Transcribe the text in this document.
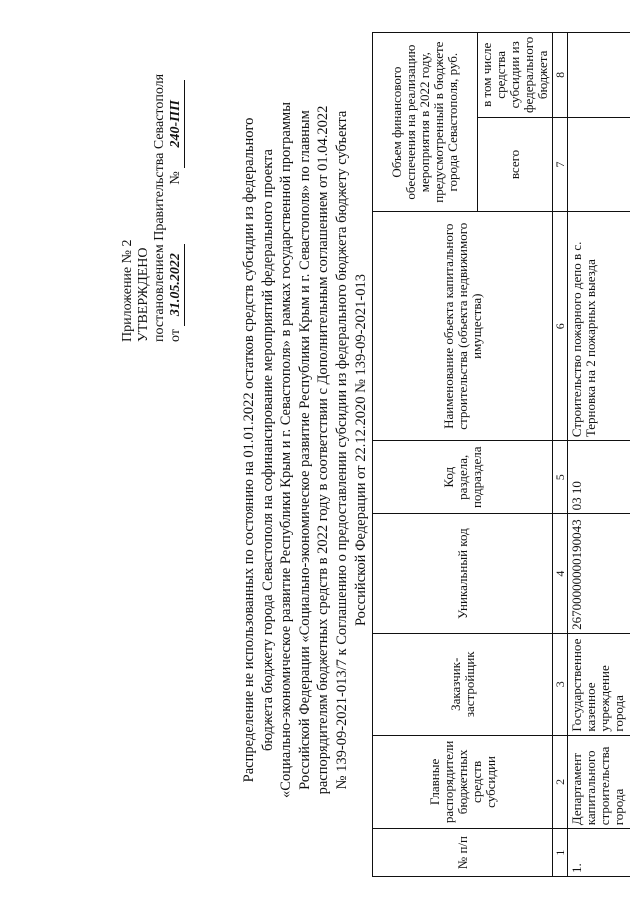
Приложение № 2 УТВЕРЖДЕНО постановлением Правительства Севастополя от 31.05.2022  № 240-ПП	Распределение не использованных по состоянию на 01.01.2022 остатков средств субсидии из федерального бюджета бюджету города Севастополя на софинансирование мероприятий федерального проекта «Социально-экономическое развитие Республики Крым и г. Севастополя» в рамках государственной программы Российской Федерации «Социально-экономическое развитие Республики Крым и г. Севастополя» по главным распорядителям бюджетных средств в 2022 году в соответствии с Дополнительным соглашением от 01.04.2022 № 139-09-2021-013/7 к Соглашению о предоставлении субсидии из федерального бюджета бюджету субъекта Российской Федерации от 22.12.2020 № 139-09-2021-013
№ п/п	Главные распорядители бюджетных средств субсидии	Заказчик-застройщик	Уникальный код	Код раздела, подраздела	Наименование объекта капитального строительства (объекта недвижимого имущества)	Объем финансового обеспечения на реализацию мероприятия в 2022 году, предусмотренный в бюджете города Севастополя, руб.	
						всего	в том числе средства субсидии из федерального бюджета
1	2	3	4	5	6	7	8
1.	Департамент капитального строительства города	Государственное казенное учреждение города	26700000000190043	03 10	Строительство пожарного депо в с. Терновка на 2 пожарных выезда		
